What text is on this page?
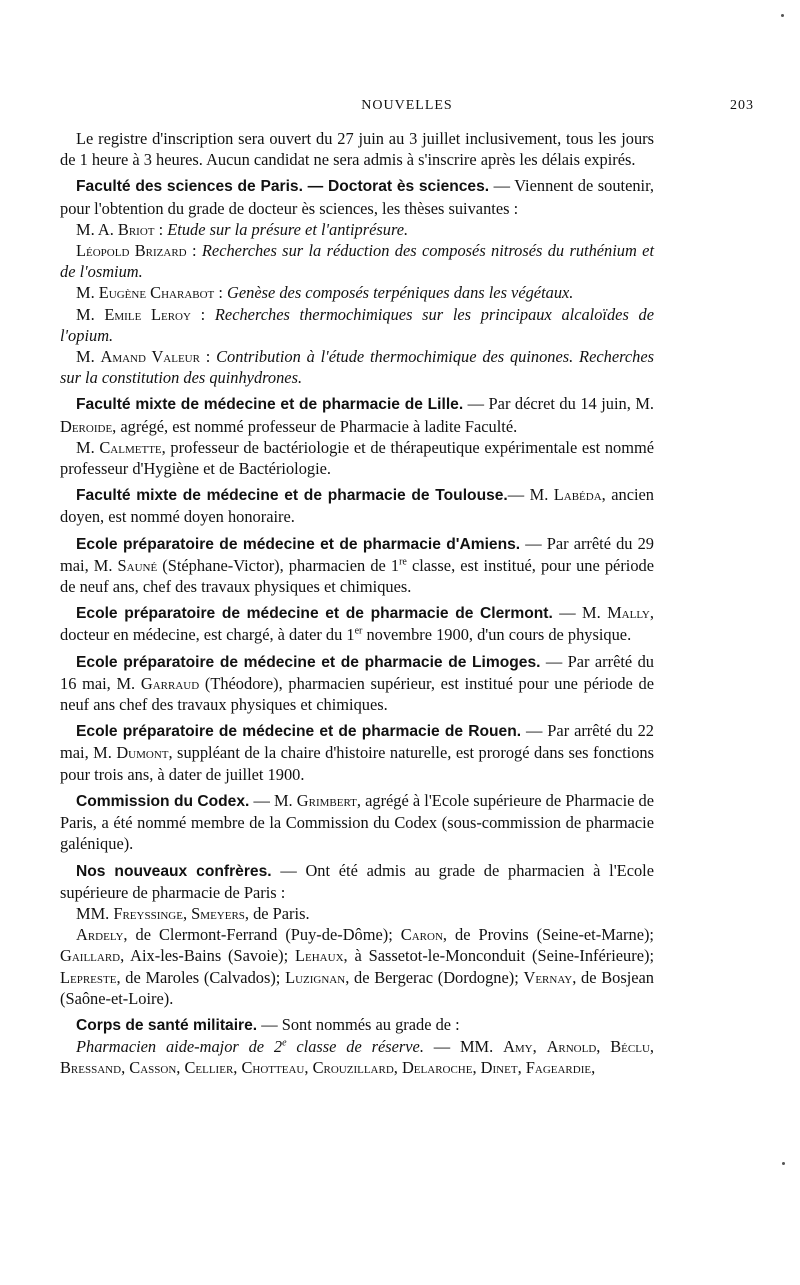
NOUVELLES	203

Le registre d'inscription sera ouvert du 27 juin au 3 juillet inclusivement, tous les jours de 1 heure à 3 heures. Aucun candidat ne sera admis à s'inscrire après les délais expirés.

Faculté des sciences de Paris. — Doctorat ès sciences. — Viennent de soutenir, pour l'obtention du grade de docteur ès sciences, les thèses suivantes :

M. A. Briot : Etude sur la présure et l'antiprésure.

Léopold Brizard : Recherches sur la réduction des composés nitrosés du ruthénium et de l'osmium.

M. Eugène Charabot : Genèse des composés terpéniques dans les végétaux.

M. Emile Leroy : Recherches thermochimiques sur les principaux alcaloïdes de l'opium.

M. Amand Valeur : Contribution à l'étude thermochimique des quinones. Recherches sur la constitution des quinhydrones.

Faculté mixte de médecine et de pharmacie de Lille. — Par décret du 14 juin, M. Deroide, agrégé, est nommé professeur de Pharmacie à ladite Faculté.

M. Calmette, professeur de bactériologie et de thérapeutique expérimentale est nommé professeur d'Hygiène et de Bactériologie.

Faculté mixte de médecine et de pharmacie de Toulouse.— M. Labéda, ancien doyen, est nommé doyen honoraire.

Ecole préparatoire de médecine et de pharmacie d'Amiens. — Par arrêté du 29 mai, M. Sauné (Stéphane-Victor), pharmacien de 1re classe, est institué, pour une période de neuf ans, chef des travaux physiques et chimiques.

Ecole préparatoire de médecine et de pharmacie de Clermont. — M. Mally, docteur en médecine, est chargé, à dater du 1er novembre 1900, d'un cours de physique.

Ecole préparatoire de médecine et de pharmacie de Limoges. — Par arrêté du 16 mai, M. Garraud (Théodore), pharmacien supérieur, est institué pour une période de neuf ans chef des travaux physiques et chimiques.

Ecole préparatoire de médecine et de pharmacie de Rouen. — Par arrêté du 22 mai, M. Dumont, suppléant de la chaire d'histoire naturelle, est prorogé dans ses fonctions pour trois ans, à dater de juillet 1900.

Commission du Codex. — M. Grimbert, agrégé à l'Ecole supérieure de Pharmacie de Paris, a été nommé membre de la Commission du Codex (sous-commission de pharmacie galénique).

Nos nouveaux confrères. — Ont été admis au grade de pharmacien à l'Ecole supérieure de pharmacie de Paris :

MM. Freyssinge, Smeyers, de Paris.

Ardely, de Clermont-Ferrand (Puy-de-Dôme); Caron, de Provins (Seine-et-Marne); Gaillard, Aix-les-Bains (Savoie); Lehaux, à Sassetot-le-Monconduit (Seine-Inférieure); Lepreste, de Maroles (Calvados); Luzignan, de Bergerac (Dordogne); Vernay, de Bosjean (Saône-et-Loire).

Corps de santé militaire. — Sont nommés au grade de :

Pharmacien aide-major de 2e classe de réserve. — MM. Amy, Arnold, Béclu, Bressand, Casson, Cellier, Chotteau, Crouzillard, Delaroche, Dinet, Fageardie,
